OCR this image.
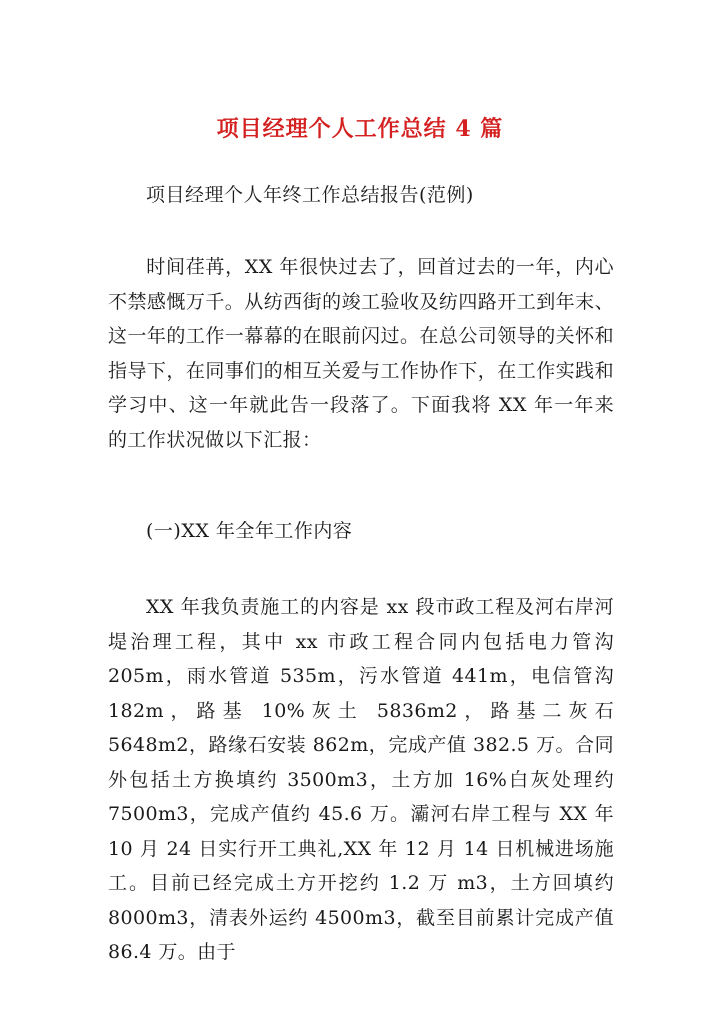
项目经理个人工作总结 4 篇
项目经理个人年终工作总结报告(范例)

时间荏苒，XX 年很快过去了，回首过去的一年，内心不禁感慨万千。从纺西街的竣工验收及纺四路开工到年末、这一年的工作一幕幕的在眼前闪过。在总公司领导的关怀和指导下，在同事们的相互关爱与工作协作下，在工作实践和学习中、这一年就此告一段落了。下面我将 XX 年一年来的工作状况做以下汇报：

(一)XX 年全年工作内容

XX 年我负责施工的内容是 xx 段市政工程及河右岸河堤治理工程，其中 xx 市政工程合同内包括电力管沟 205m，雨水管道 535m，污水管道 441m，电信管沟 182m，路基 10%灰土 5836m2，路基二灰石 5648m2，路缘石安装 862m，完成产值 382.5 万。合同外包括土方换填约 3500m3，土方加 16%白灰处理约 7500m3，完成产值约 45.6 万。灞河右岸工程与 XX 年 10 月 24 日实行开工典礼,XX 年 12 月 14 日机械进场施工。目前已经完成土方开挖约 1.2 万 m3，土方回填约 8000m3，清表外运约 4500m3，截至目前累计完成产值 86.4 万。由于
